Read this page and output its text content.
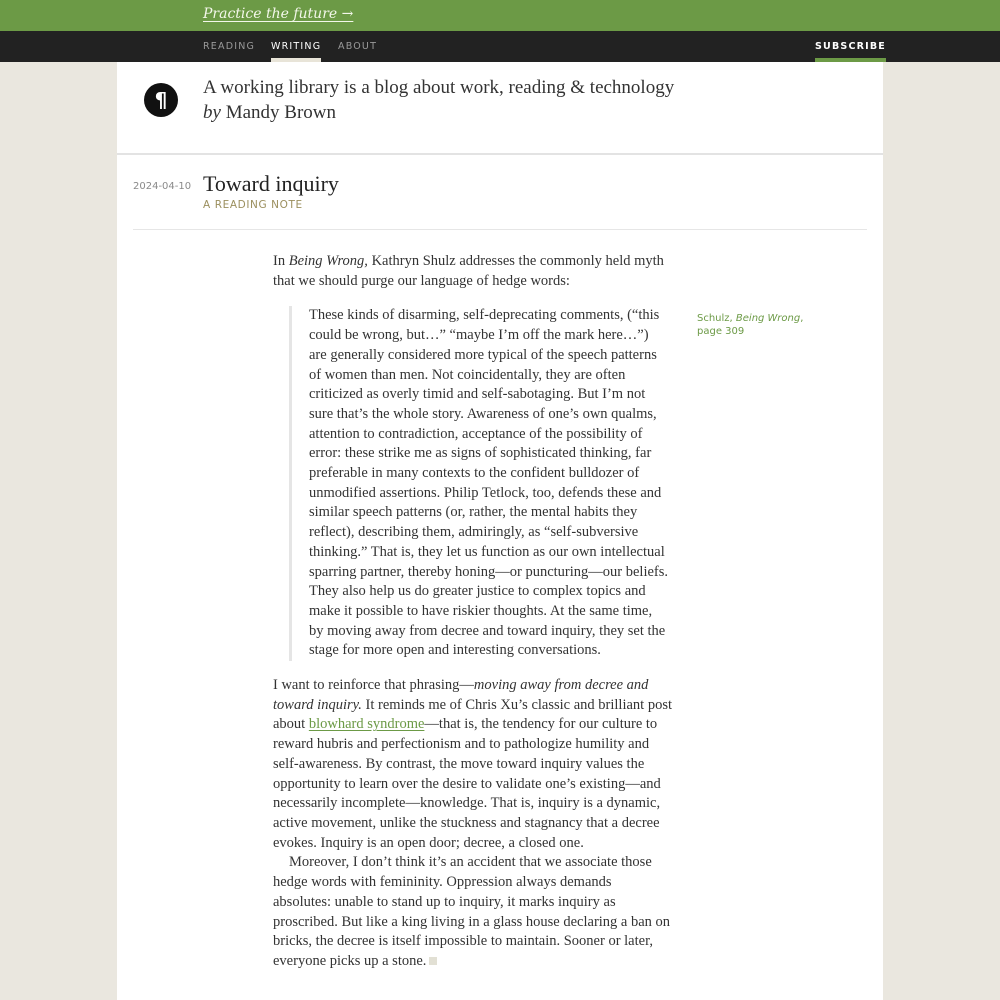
Practice the future →
READING WRITING ABOUT	SUBSCRIBE
¶
A working library is a blog about work, reading & technology
by Mandy Brown
2024-04-10 Toward inquiry
A READING NOTE

In Being Wrong, Kathryn Shulz addresses the commonly held myth that we should purge our language of hedge words:

These kinds of disarming, self-deprecating comments, (“this could be wrong, but…” “maybe I’m off the mark here…”) are generally considered more typical of the speech patterns of women than men. Not coincidentally, they are often criticized as overly timid and self-sabotaging. But I’m not sure that’s the whole story. Awareness of one’s own qualms, attention to contradiction, acceptance of the possibility of error: these strike me as signs of sophisticated thinking, far preferable in many contexts to the confident bulldozer of unmodified assertions. Philip Tetlock, too, defends these and similar speech patterns (or, rather, the mental habits they reflect), describing them, admiringly, as “self-subversive thinking.” That is, they let us function as our own intellectual sparring partner, thereby honing—or puncturing—our beliefs. They also help us do greater justice to complex topics and make it possible to have riskier thoughts. At the same time, by moving away from decree and toward inquiry, they set the stage for more open and interesting conversations.

I want to reinforce that phrasing—moving away from decree and toward inquiry. It reminds me of Chris Xu’s classic and brilliant post about blowhard syndrome—that is, the tendency for our culture to reward hubris and perfectionism and to pathologize humility and self-awareness. By contrast, the move toward inquiry values the opportunity to learn over the desire to validate one’s existing—and necessarily incomplete—knowledge. That is, inquiry is a dynamic, active movement, unlike the stuckness and stagnancy that a decree evokes. Inquiry is an open door; decree, a closed one.

Moreover, I don’t think it’s an accident that we associate those hedge words with femininity. Oppression always demands absolutes: unable to stand up to inquiry, it marks inquiry as proscribed. But like a king living in a glass house declaring a ban on bricks, the decree is itself impossible to maintain. Sooner or later, everyone picks up a stone.

Schulz, Being Wrong, page 309
